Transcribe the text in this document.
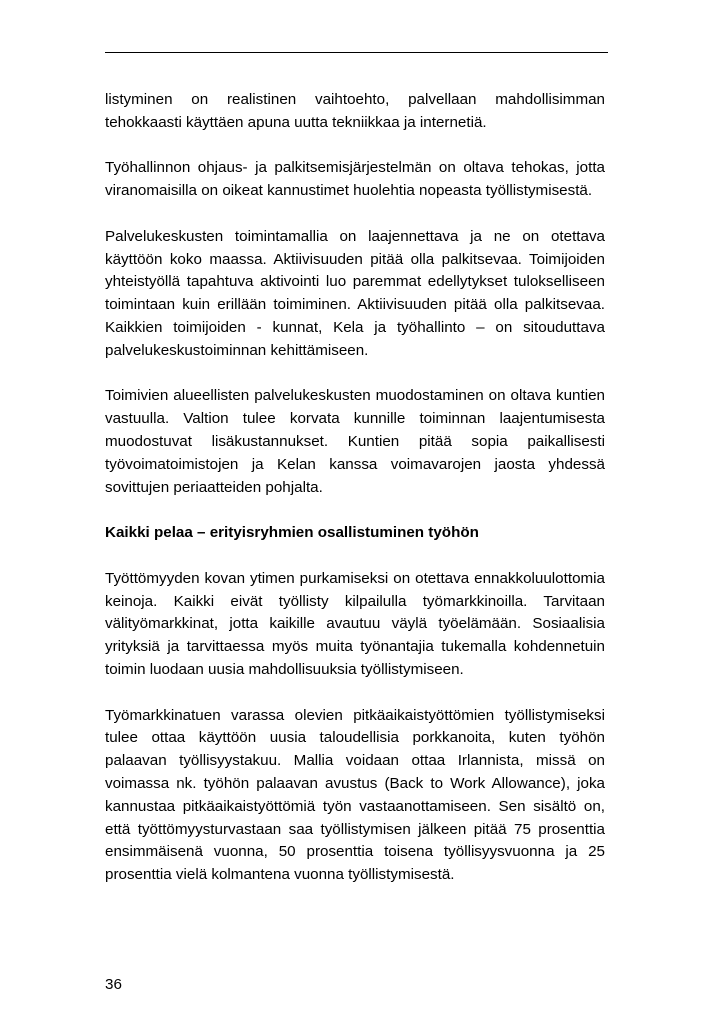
listyminen on realistinen vaihtoehto, palvellaan mahdollisimman tehokkaasti käyttäen apuna uutta tekniikkaa ja internetiä.

Työhallinnon ohjaus- ja palkitsemisjärjestelmän on oltava tehokas, jotta viranomaisilla on oikeat kannustimet huolehtia nopeasta työllistymisestä.

Palvelukeskusten toimintamallia on laajennettava ja ne on otettava käyttöön koko maassa. Aktiivisuuden pitää olla palkitsevaa. Toimijoiden yhteistyöllä tapahtuva aktivointi luo paremmat edellytykset tulokselliseen toimintaan kuin erillään toimiminen. Aktiivisuuden pitää olla palkitsevaa. Kaikkien toimijoiden - kunnat, Kela ja työhallinto – on sitouduttava palvelukeskustoiminnan kehittämiseen.

Toimivien alueellisten palvelukeskusten muodostaminen on oltava kuntien vastuulla. Valtion tulee korvata kunnille toiminnan laajentumisesta muodostuvat lisäkustannukset. Kuntien pitää sopia paikallisesti työvoimatoimistojen ja Kelan kanssa voimavarojen jaosta yhdessä sovittujen periaatteiden pohjalta.

Kaikki pelaa – erityisryhmien osallistuminen työhön

Työttömyyden kovan ytimen purkamiseksi on otettava ennakkoluulottomia keinoja. Kaikki eivät työllisty kilpailulla työmarkkinoilla. Tarvitaan välityömarkkinat, jotta kaikille avautuu väylä työelämään. Sosiaalisia yrityksiä ja tarvittaessa myös muita työnantajia tukemalla kohdennetuin toimin luodaan uusia mahdollisuuksia työllistymiseen.

Työmarkkinatuen varassa olevien pitkäaikaistyöttömien työllistymiseksi tulee ottaa käyttöön uusia taloudellisia porkkanoita, kuten työhön palaavan työllisyystakuu. Mallia voidaan ottaa Irlannista, missä on voimassa nk. työhön palaavan avustus (Back to Work Allowance), joka kannustaa pitkäaikaistyöttömiä työn vastaanottamiseen. Sen sisältö on, että työttömyysturvastaan saa työllistymisen jälkeen pitää 75 prosenttia ensimmäisenä vuonna, 50 prosenttia toisena työllisyysvuonna ja 25 prosenttia vielä kolmantena vuonna työllistymisestä.

36
